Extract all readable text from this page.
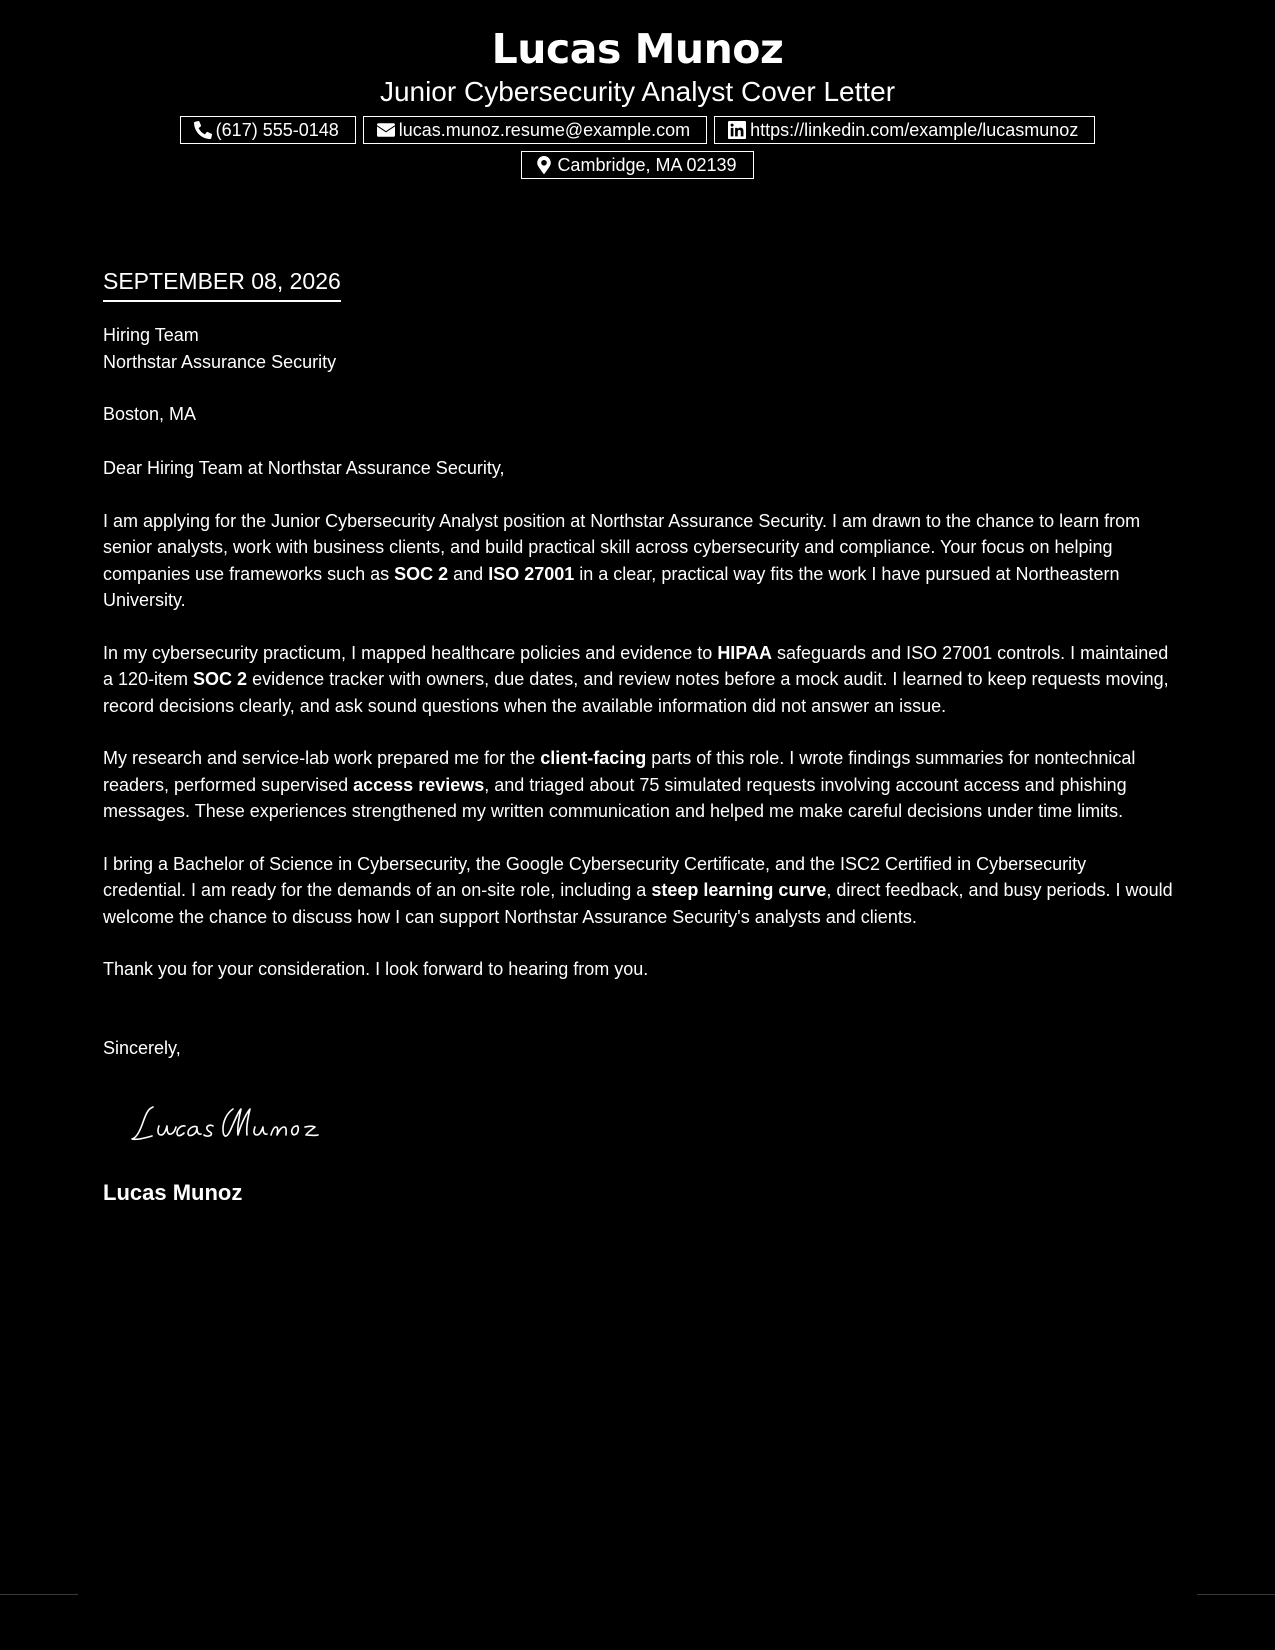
Lucas Munoz
Junior Cybersecurity Analyst Cover Letter
(617) 555-0148	lucas.munoz.resume@example.com	https://linkedin.com/example/lucasmunoz
Cambridge, MA 02139
SEPTEMBER 08, 2026
Hiring Team
Northstar Assurance Security
Boston, MA
Dear Hiring Team at Northstar Assurance Security,

I am applying for the Junior Cybersecurity Analyst position at Northstar Assurance Security. I am drawn to the chance to learn from senior analysts, work with business clients, and build practical skill across cybersecurity and compliance. Your focus on helping companies use frameworks such as SOC 2 and ISO 27001 in a clear, practical way fits the work I have pursued at Northeastern University.

In my cybersecurity practicum, I mapped healthcare policies and evidence to HIPAA safeguards and ISO 27001 controls. I maintained a 120-item SOC 2 evidence tracker with owners, due dates, and review notes before a mock audit. I learned to keep requests moving, record decisions clearly, and ask sound questions when the available information did not answer an issue.

My research and service-lab work prepared me for the client-facing parts of this role. I wrote findings summaries for nontechnical readers, performed supervised access reviews, and triaged about 75 simulated requests involving account access and phishing messages. These experiences strengthened my written communication and helped me make careful decisions under time limits.

I bring a Bachelor of Science in Cybersecurity, the Google Cybersecurity Certificate, and the ISC2 Certified in Cybersecurity credential. I am ready for the demands of an on-site role, including a steep learning curve, direct feedback, and busy periods. I would welcome the chance to discuss how I can support Northstar Assurance Security's analysts and clients.

Thank you for your consideration. I look forward to hearing from you.

Sincerely,
Lucas Munoz
